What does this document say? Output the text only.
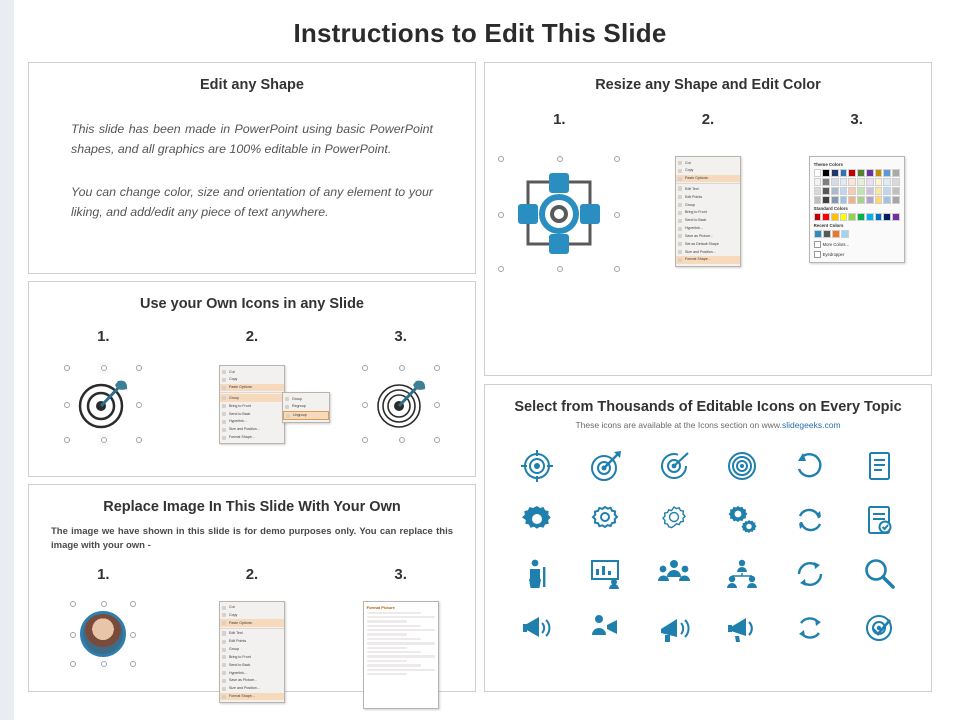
Instructions to Edit This Slide
Edit any Shape
This slide has been made in PowerPoint using basic PowerPoint shapes, and all graphics are 100% editable in PowerPoint.
You can change color, size and orientation of any element to your liking, and add/edit any piece of text anywhere.
Resize any Shape and Edit Color
1.	2.	3.
Cut
Copy
Paste Options:
Edit Text
Edit Points
Group
Bring to Front
Send to Back
Hyperlink...
Save as Picture...
Set as Default Shape
Size and Position...
Format Shape...
Theme Colors
Standard Colors
Recent Colors
More Colors...
Eyedropper
Use your Own Icons in any Slide
1.	2.	3.
Cut
Copy
Paste Options:
Group
Bring to Front
Send to Back
Hyperlink...
Size and Position...
Format Shape...
Group
Regroup
Ungroup
Replace Image In This Slide With Your Own
The image we have shown in this slide is for demo purposes only. You can replace this image with your own -
1.	2.	3.
Cut
Copy
Paste Options:
Edit Text
Edit Points
Group
Bring to Front
Send to Back
Hyperlink...
Save as Picture...
Size and Position...
Format Shape...
Format Picture
Select from Thousands of Editable Icons on Every Topic
These icons are available at the Icons section on www.slidegeeks.com
